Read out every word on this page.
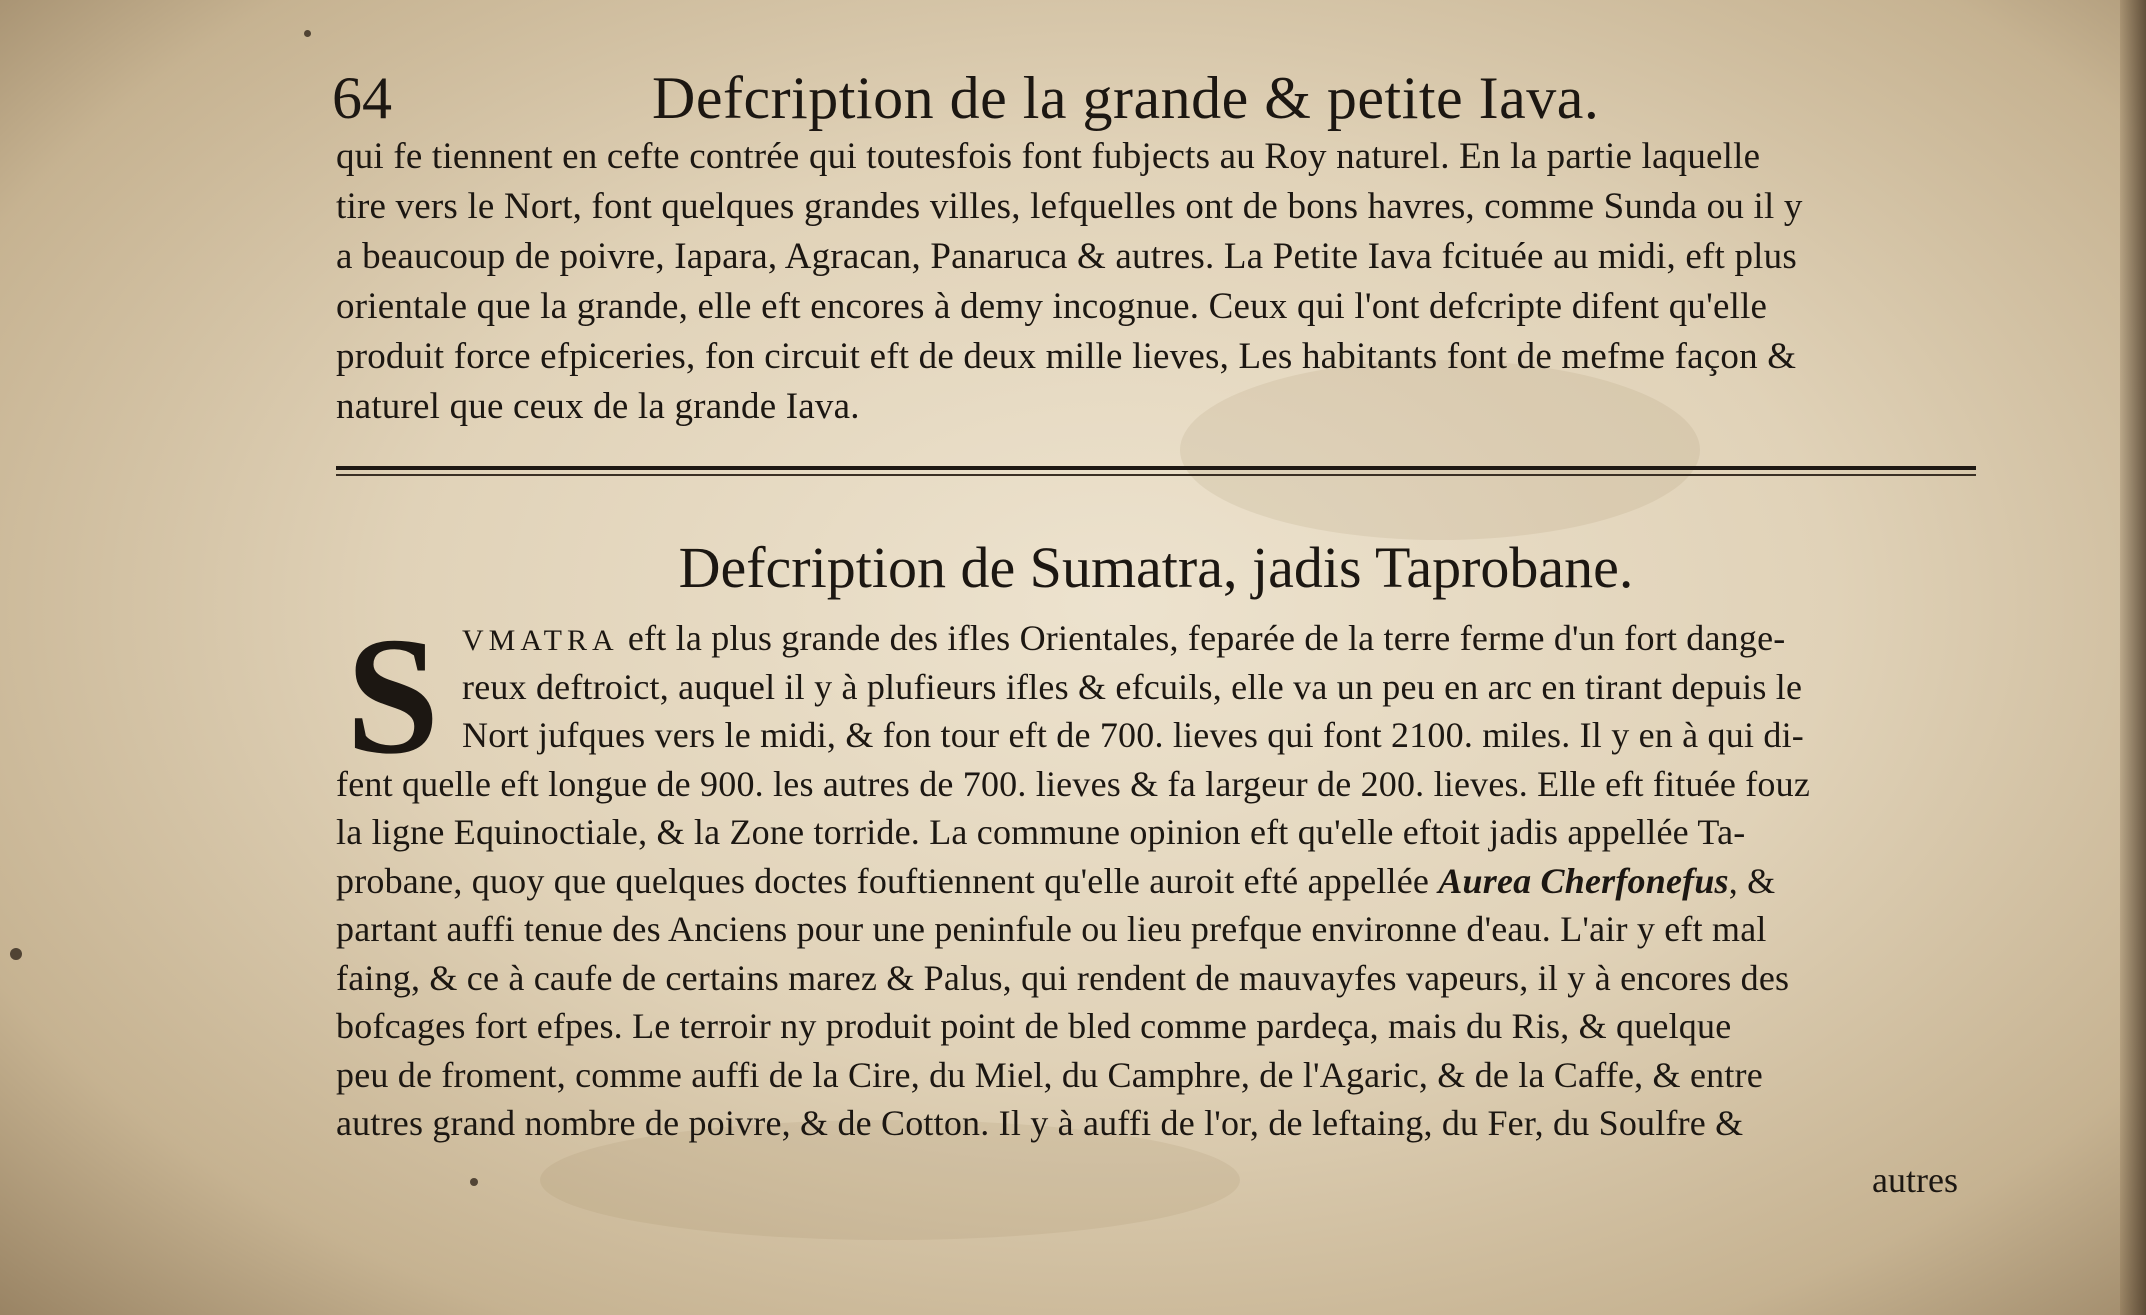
64	Defcription de la grande & petite Iava.
qui fe tiennent en cefte contrée qui toutesfois font fubjects au Roy naturel. En la partie laquelle
tire vers le Nort, font quelques grandes villes, lefquelles ont de bons havres, comme Sunda ou il y
a beaucoup de poivre, Iapara, Agracan, Panaruca & autres. La Petite Iava fcituée au midi, eft plus
orientale que la grande, elle eft encores à demy incognue. Ceux qui l'ont defcripte difent qu'elle
produit force efpiceries, fon circuit eft de deux mille lieves, Les habitants font de mefme façon &
naturel que ceux de la grande Iava.
Defcription de Sumatra, jadis Taprobane.
S VMATRA eft la plus grande des ifles Orientales, feparée de la terre ferme d'un fort dange-
reux deftroict, auquel il y à plufieurs ifles & efcuils, elle va un peu en arc en tirant depuis le
Nort jufques vers le midi, & fon tour eft de 700. lieves qui font 2100. miles. Il y en à qui di-
fent quelle eft longue de 900. les autres de 700. lieves & fa largeur de 200. lieves. Elle eft fituée fouz
la ligne Equinoctiale, & la Zone torride. La commune opinion eft qu'elle eftoit jadis appellée Ta-
probane, quoy que quelques doctes fouftiennent qu'elle auroit efté appellée Aurea Cherfonefus, &
partant auffi tenue des Anciens pour une peninfule ou lieu prefque environne d'eau. L'air y eft mal
faing, & ce à caufe de certains marez & Palus, qui rendent de mauvayfes vapeurs, il y à encores des
bofcages fort efpes. Le terroir ny produit point de bled comme pardeça, mais du Ris, & quelque
peu de froment, comme auffi de la Cire, du Miel, du Camphre, de l'Agaric, & de la Caffe, & entre
autres grand nombre de poivre, & de Cotton. Il y à auffi de l'or, de leftaing, du Fer, du Soulfre &
autres
